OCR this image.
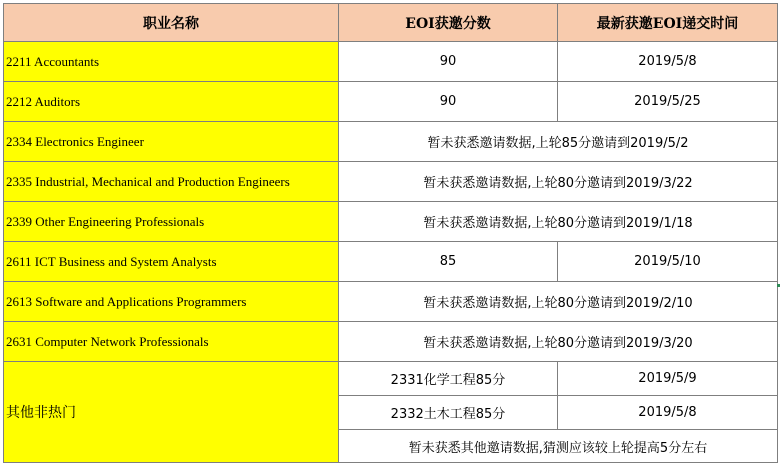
职业名称	EOI获邀分数	最新获邀EOI递交时间
2211 Accountants	90	2019/5/8
2212 Auditors	90	2019/5/25
2334 Electronics Engineer	暂未获悉邀请数据,上轮85分邀请到2019/5/2	
2335 Industrial, Mechanical and Production Engineers	暂未获悉邀请数据,上轮80分邀请到2019/3/22	
2339 Other Engineering Professionals	暂未获悉邀请数据,上轮80分邀请到2019/1/18	
2611 ICT Business and System Analysts	85	2019/5/10
2613 Software and Applications Programmers	暂未获悉邀请数据,上轮80分邀请到2019/2/10	
2631 Computer Network Professionals	暂未获悉邀请数据,上轮80分邀请到2019/3/20	
其他非热门	2331化学工程85分	2019/5/9
	2332土木工程85分	2019/5/8
	暂未获悉其他邀请数据,猜测应该较上轮提高5分左右	
